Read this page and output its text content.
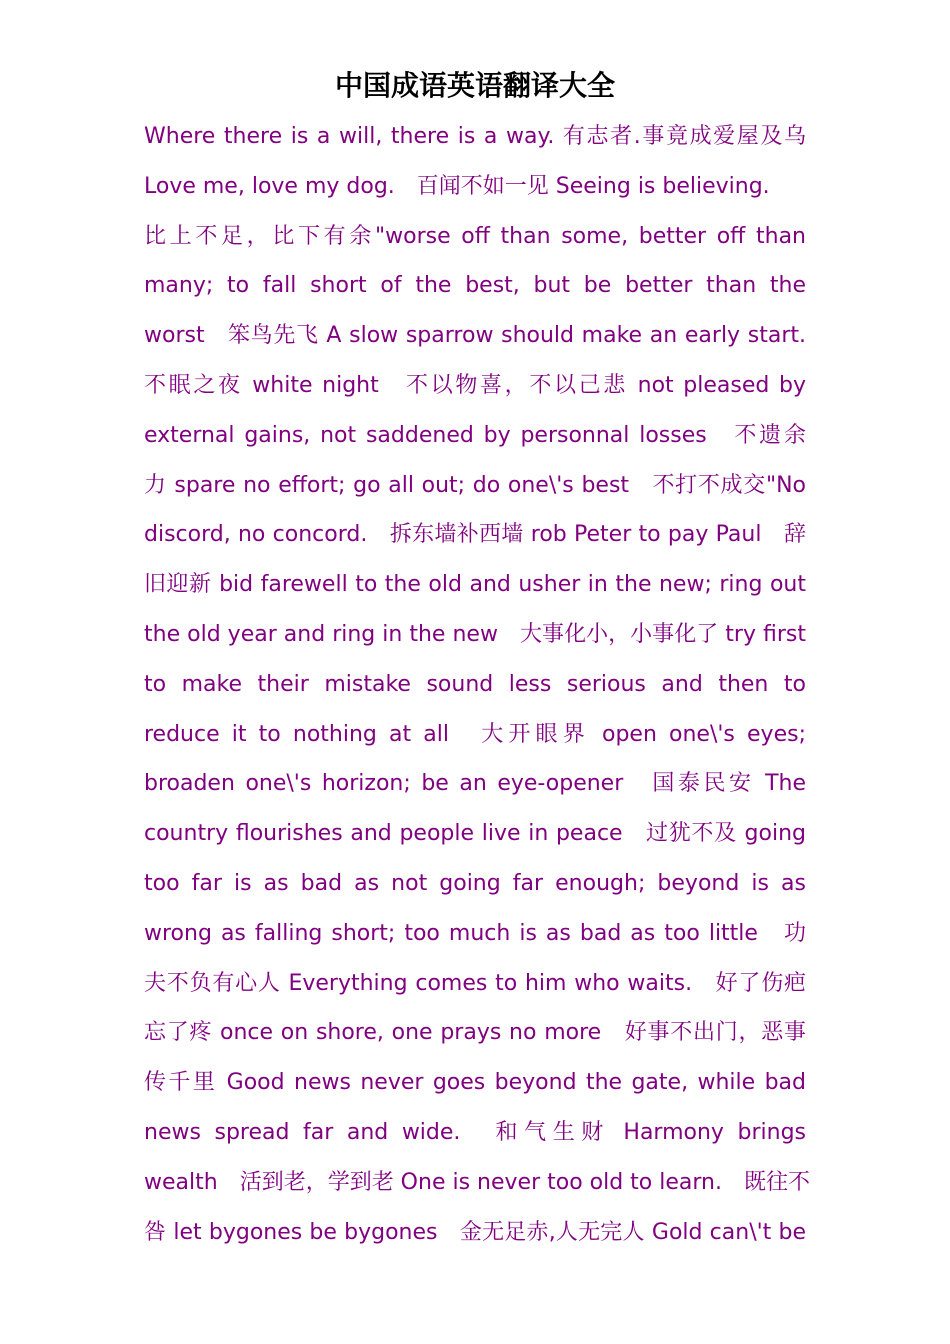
中国成语英语翻译大全
Where there is a will, there is a way. 有志者.事竟成爱屋及乌
Love me, love my dog.　百闻不如一见 Seeing is believing.
比上不足，比下有余"worse off than some, better off than
many; to fall short of the best, but be better than the
worst　笨鸟先飞 A slow sparrow should make an early start.
不眠之夜 white night　不以物喜，不以己悲 not pleased by
external gains, not saddened by personnal losses　不遗余
力 spare no effort; go all out; do one\'s best　不打不成交"No
discord, no concord.　拆东墙补西墙 rob Peter to pay Paul　辞
旧迎新 bid farewell to the old and usher in the new; ring out
the old year and ring in the new　大事化小，小事化了 try first
to make their mistake sound less serious and then to
reduce it to nothing at all　大开眼界 open one\'s eyes;
broaden one\'s horizon; be an eye-opener　国泰民安 The
country flourishes and people live in peace　过犹不及 going
too far is as bad as not going far enough; beyond is as
wrong as falling short; too much is as bad as too little　功
夫不负有心人 Everything comes to him who waits.　好了伤疤
忘了疼 once on shore, one prays no more　好事不出门，恶事
传千里 Good news never goes beyond the gate, while bad
news spread far and wide.　和气生财 Harmony brings
wealth　活到老，学到老 One is never too old to learn.　既往不
咎 let bygones be bygones　金无足赤,人无完人 Gold can\'t be
